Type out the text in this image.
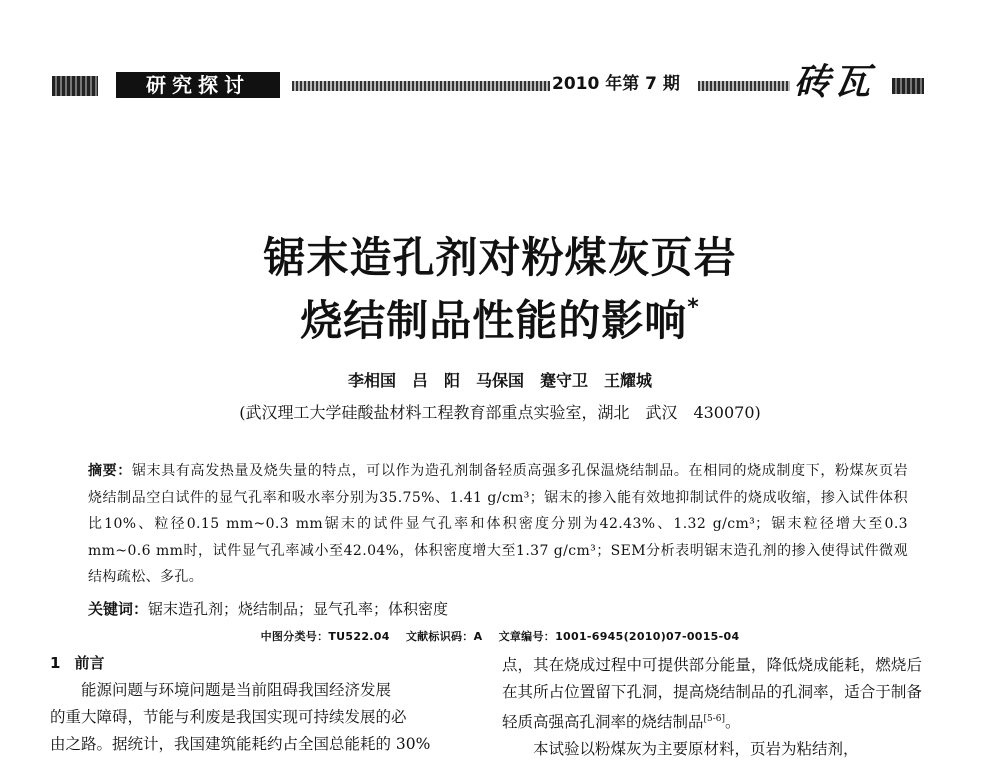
研究探讨	2010 年第 7 期	砖瓦
锯末造孔剂对粉煤灰页岩
烧结制品性能的影响*
李相国　吕　阳　马保国　蹇守卫　王耀城
(武汉理工大学硅酸盐材料工程教育部重点实验室，湖北　武汉　430070)
摘要：锯末具有高发热量及烧失量的特点，可以作为造孔剂制备轻质高强多孔保温烧结制品。在相同的烧成制度下，粉煤灰页岩烧结制品空白试件的显气孔率和吸水率分别为35.75%、1.41 g/cm³；锯末的掺入能有效地抑制试件的烧成收缩，掺入试件体积比10%、粒径0.15 mm~0.3 mm锯末的试件显气孔率和体积密度分别为42.43%、1.32 g/cm³；锯末粒径增大至0.3 mm~0.6 mm时，试件显气孔率减小至42.04%，体积密度增大至1.37 g/cm³；SEM分析表明锯末造孔剂的掺入使得试件微观结构疏松、多孔。
关键词：锯末造孔剂；烧结制品；显气孔率；体积密度
中图分类号：TU522.04 文献标识码：A 文章编号：1001-6945(2010)07-0015-04

1 前言

能源问题与环境问题是当前阻碍我国经济发展

的重大障碍，节能与利废是我国实现可持续发展的必

由之路。据统计，我国建筑能耗约占全国总能耗的 30%

点，其在烧成过程中可提供部分能量，降低烧成能耗，燃烧后在其所占位置留下孔洞，提高烧结制品的孔洞率，适合于制备轻质高强高孔洞率的烧结制品[5-6]。

本试验以粉煤灰为主要原材料，页岩为粘结剂，
